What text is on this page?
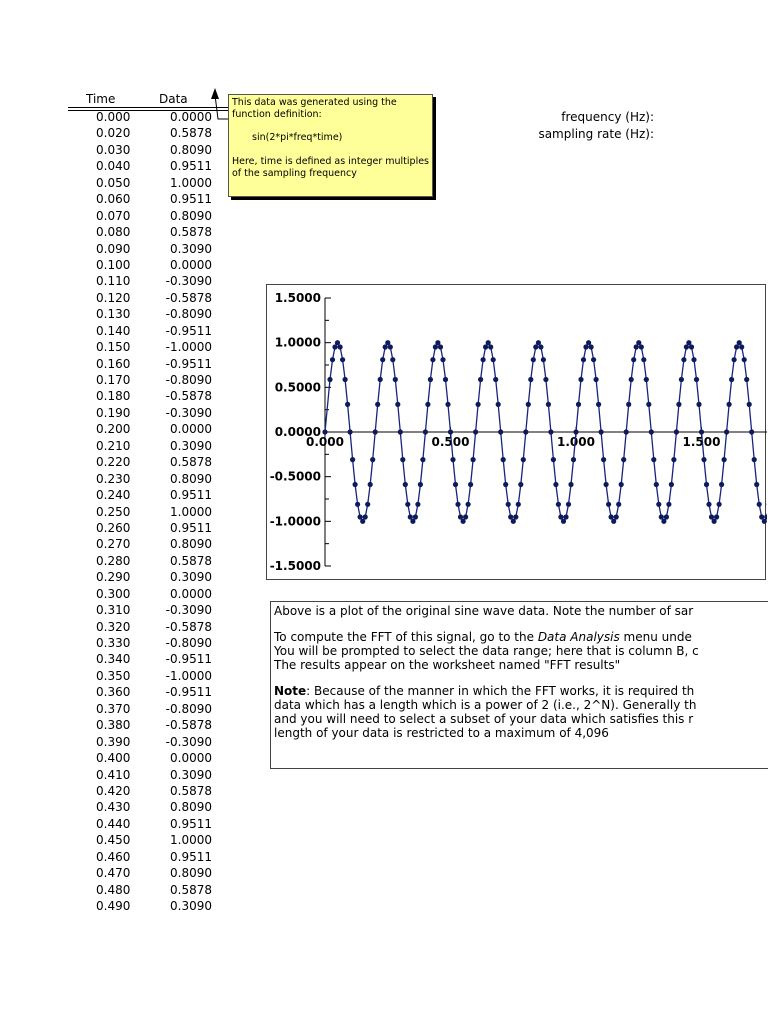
Time	Data
0.000	0.0000
0.020	0.5878
0.030	0.8090
0.040	0.9511
0.050	1.0000
0.060	0.9511
0.070	0.8090
0.080	0.5878
0.090	0.3090
0.100	0.0000
0.110	-0.3090
0.120	-0.5878
0.130	-0.8090
0.140	-0.9511
0.150	-1.0000
0.160	-0.9511
0.170	-0.8090
0.180	-0.5878
0.190	-0.3090
0.200	0.0000
0.210	0.3090
0.220	0.5878
0.230	0.8090
0.240	0.9511
0.250	1.0000
0.260	0.9511
0.270	0.8090
0.280	0.5878
0.290	0.3090
0.300	0.0000
0.310	-0.3090
0.320	-0.5878
0.330	-0.8090
0.340	-0.9511
0.350	-1.0000
0.360	-0.9511
0.370	-0.8090
0.380	-0.5878
0.390	-0.3090
0.400	0.0000
0.410	0.3090
0.420	0.5878
0.430	0.8090
0.440	0.9511
0.450	1.0000
0.460	0.9511
0.470	0.8090
0.480	0.5878
0.490	0.3090

This data was generated using the function definition:

sin(2*pi*freq*time)

Here, time is defined as integer multiples of the sampling frequency

frequency (Hz):
sampling rate (Hz):
1.5000
1.0000
0.5000
0.0000
-0.5000
-1.0000
-1.5000
0.000	0.500	1.000	1.500

Above is a plot of the original sine wave data. Note the number of sar

To compute the FFT of this signal, go to the Data Analysis menu unde
You will be prompted to select the data range; here that is column B, c
The results appear on the worksheet named "FFT results"

Note: Because of the manner in which the FFT works, it is required th
data which has a length which is a power of 2 (i.e., 2^N). Generally th
and you will need to select a subset of your data which satisfies this r
length of your data is restricted to a maximum of 4,096
